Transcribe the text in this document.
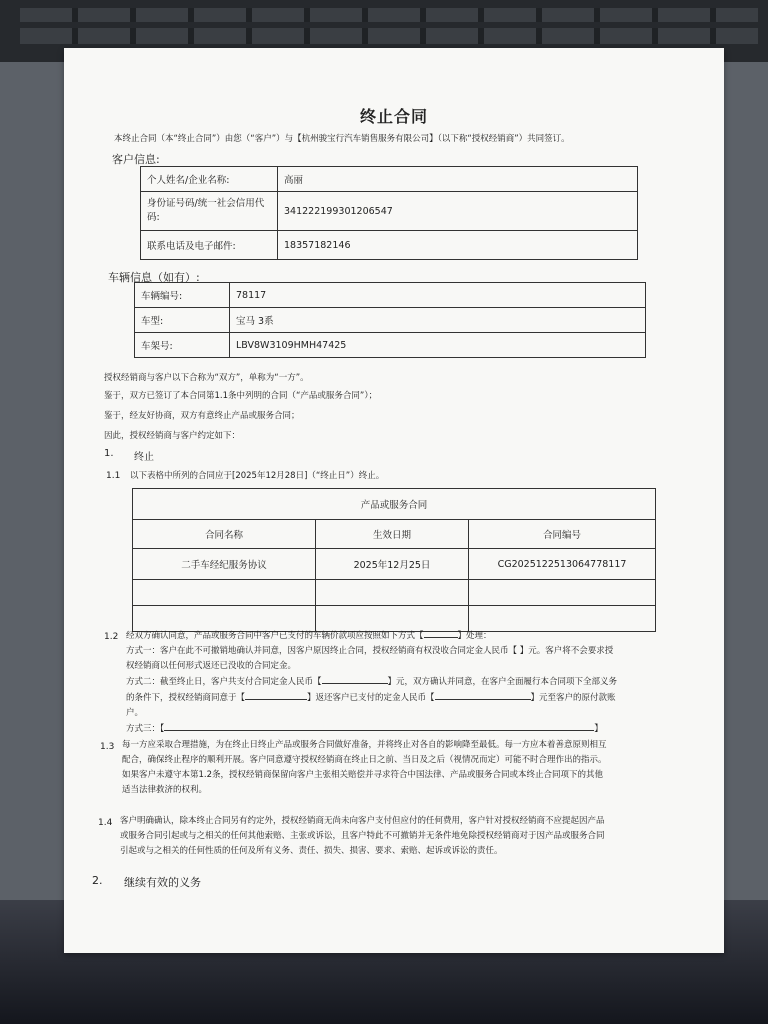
终止合同
本终止合同（本“终止合同”）由您（“客户”）与【杭州骏宝行汽车销售服务有限公司】（以下称“授权经销商”）共同签订。
客户信息:
个人姓名/企业名称:	高丽
身份证号码/统一社会信用代码:	341222199301206547
联系电话及电子邮件:	18357182146
车辆信息（如有）:
车辆编号:	78117
车型:	宝马 3系
车架号:	LBV8W3109HMH47425
授权经销商与客户以下合称为“双方”，单称为“一方”。
鉴于，双方已签订了本合同第1.1条中列明的合同（“产品或服务合同”）；
鉴于，经友好协商，双方有意终止产品或服务合同；
因此，授权经销商与客户约定如下：
1. 终止
1.1 以下表格中所列的合同应于[2025年12月28日]（“终止日”）终止。
产品或服务合同		
合同名称	生效日期	合同编号
二手车经纪服务协议	2025年12月25日	CG2025122513064778117

1.2 经双方确认同意，产品或服务合同中客户已支付的车辆价款项应按照如下方式【	】处理：
方式一：客户在此不可撤销地确认并同意，因客户原因终止合同，授权经销商有权没收合同定金人民币【 】元。客户将不会要求授
权经销商以任何形式返还已没收的合同定金。
方式二：截至终止日，客户共支付合同定金人民币【	】元，双方确认并同意，在客户全面履行本合同项下全部义务
的条件下，授权经销商同意于【	】返还客户已支付的定金人民币【	】元至客户的原付款账
户。
方式三：【	】
1.3 每一方应采取合理措施，为在终止日终止产品或服务合同做好准备，并将终止对各自的影响降至最低。每一方应本着善意原则相互
配合，确保终止程序的顺利开展。客户同意遵守授权经销商在终止日之前、当日及之后（视情况而定）可能不时合理作出的指示。
如果客户未遵守本第1.2条，授权经销商保留向客户主张相关赔偿并寻求符合中国法律、产品或服务合同或本终止合同项下的其他
适当法律救济的权利。
1.4 客户明确确认，除本终止合同另有约定外，授权经销商无尚未向客户支付但应付的任何费用，客户针对授权经销商不应提起因产品
或服务合同引起或与之相关的任何其他索赔、主张或诉讼，且客户特此不可撤销并无条件地免除授权经销商对于因产品或服务合同
引起或与之相关的任何性质的任何及所有义务、责任、损失、损害、要求、索赔、起诉或诉讼的责任。
2. 继续有效的义务
